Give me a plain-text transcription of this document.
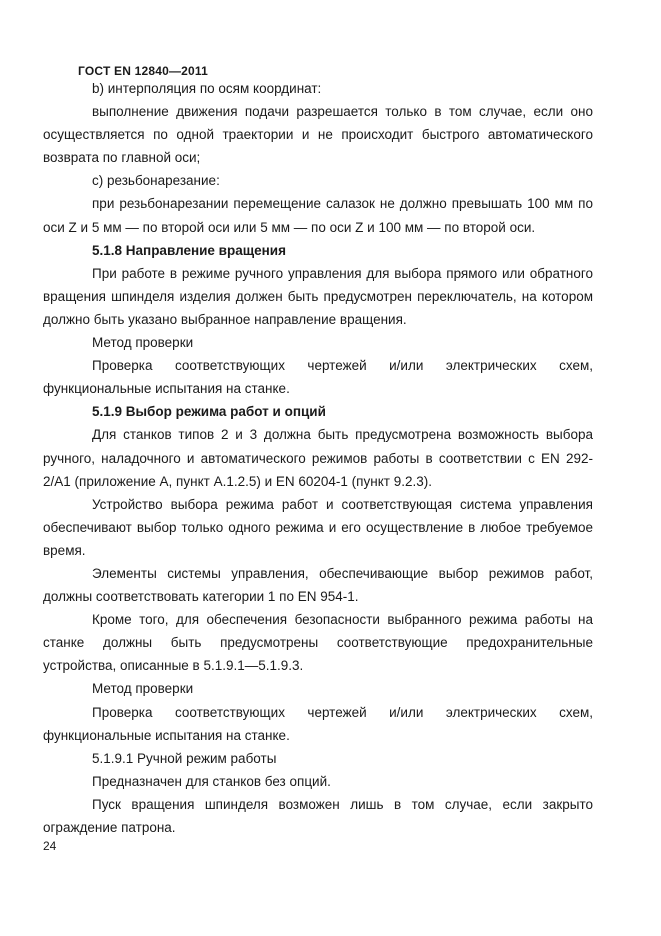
ГОСТ EN 12840—2011

b) интерполяция по осям координат:

выполнение движения подачи разрешается только в том случае, если оно осуществляется по одной траектории и не происходит быстрого автоматического возврата по главной оси;

c) резьбонарезание:

при резьбонарезании перемещение салазок не должно превышать 100 мм по оси Z и 5 мм — по второй оси или 5 мм — по оси Z и 100 мм — по второй оси.

5.1.8 Направление вращения

При работе в режиме ручного управления для выбора прямого или обратного вращения шпинделя изделия должен быть предусмотрен переключатель, на котором должно быть указано выбранное направление вращения.

Метод проверки

Проверка соответствующих чертежей и/или электрических схем, функциональные испытания на станке.

5.1.9 Выбор режима работ и опций

Для станков типов 2 и 3 должна быть предусмотрена возможность выбора ручного, наладочного и автоматического режимов работы в соответствии с EN 292-2/A1 (приложение А, пункт А.1.2.5) и EN 60204-1 (пункт 9.2.3).

Устройство выбора режима работ и соответствующая система управления обеспечивают выбор только одного режима и его осуществление в любое требуемое время.

Элементы системы управления, обеспечивающие выбор режимов работ, должны соответствовать категории 1 по EN 954-1.

Кроме того, для обеспечения безопасности выбранного режима работы на станке должны быть предусмотрены соответствующие предохранительные устройства, описанные в 5.1.9.1—5.1.9.3.

Метод проверки

Проверка соответствующих чертежей и/или электрических схем, функциональные испытания на станке.

5.1.9.1 Ручной режим работы

Предназначен для станков без опций.

Пуск вращения шпинделя возможен лишь в том случае, если закрыто ограждение патрона.

24
